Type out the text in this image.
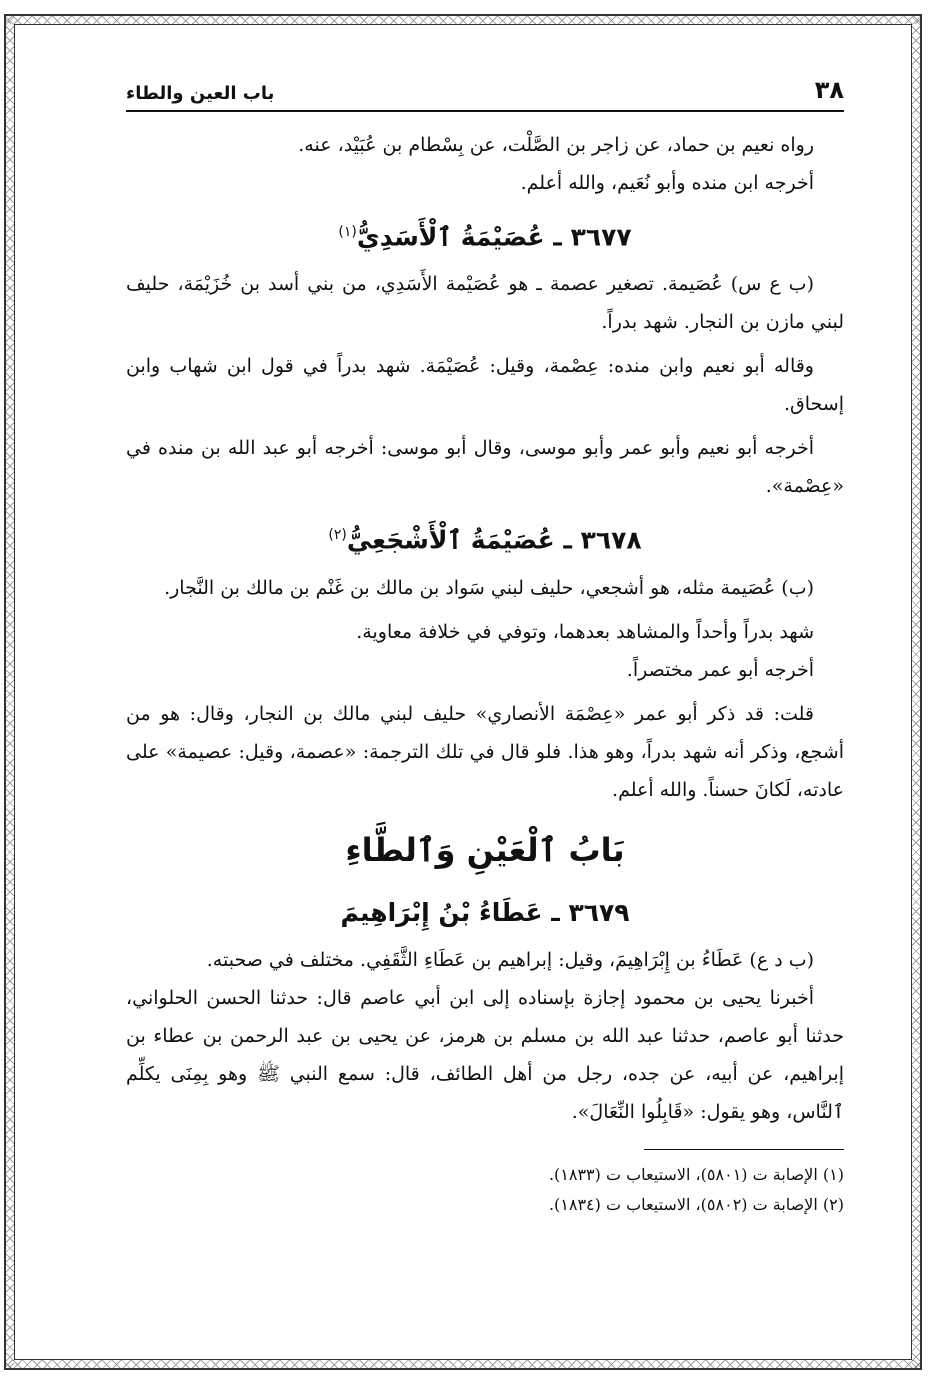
٣٨
باب العين والطاء

رواه نعيم بن حماد، عن زاجر بن الصَّلْت، عن بِسْطام بن عُبَيْد، عنه.

أخرجه ابن منده وأبو نُعَيم، والله أعلم.

٣٦٧٧ ـ عُصَيْمَةُ ٱلْأَسَدِيُّ$^{(١)}$

(ب ع س) عُصَيمة. تصغير عصمة ـ هو عُصَيْمة الأَسَدِي، من بني أسد بن خُزَيْمَة، حليف لبني مازن بن النجار. شهد بدراً.

وقاله أبو نعيم وابن منده: عِصْمة، وقيل: عُصَيْمَة. شهد بدراً في قول ابن شهاب وابن إسحاق.

أخرجه أبو نعيم وأبو عمر وأبو موسى، وقال أبو موسى: أخرجه أبو عبد الله بن منده في «عِصْمة».

٣٦٧٨ ـ عُصَيْمَةُ ٱلْأَشْجَعِيُّ$^{(٢)}$

(ب) عُصَيمة مثله، هو أشجعي، حليف لبني سَواد بن مالك بن غَنْم بن مالك بن النَّجار.

شهد بدراً وأحداً والمشاهد بعدهما، وتوفي في خلافة معاوية.

أخرجه أبو عمر مختصراً.

قلت: قد ذكر أبو عمر «عِصْمَة الأنصاري» حليف لبني مالك بن النجار، وقال: هو من أشجع، وذكر أنه شهد بدراً، وهو هذا. فلو قال في تلك الترجمة: «عصمة، وقيل: عصيمة» على عادته، لَكانَ حسناً. والله أعلم.

بَابُ ٱلْعَيْنِ وَٱلطَّاءِ
٣٦٧٩ ـ عَطَاءُ بْنُ إِبْرَاهِيمَ

(ب د ع) عَطَاءُ بن إِبْرَاهِيمَ، وقيل: إبراهيم بن عَطَاءِ الثَّقَفِي. مختلف في صحبته.

أخبرنا يحيى بن محمود إجازة بإسناده إلى ابن أبي عاصم قال: حدثنا الحسن الحلواني، حدثنا أبو عاصم، حدثنا عبد الله بن مسلم بن هرمز، عن يحيى بن عبد الرحمن بن عطاء بن إبراهيم، عن أبيه، عن جده، رجل من أهل الطائف، قال: سمع النبي ﷺ وهو بِمِنَى يكلِّم ٱلنَّاس، وهو يقول: «قَابِلُوا النِّعَالَ».

(١) الإصابة ت (٥٨٠١)، الاستيعاب ت (١٨٣٣).

(٢) الإصابة ت (٥٨٠٢)، الاستيعاب ت (١٨٣٤).
